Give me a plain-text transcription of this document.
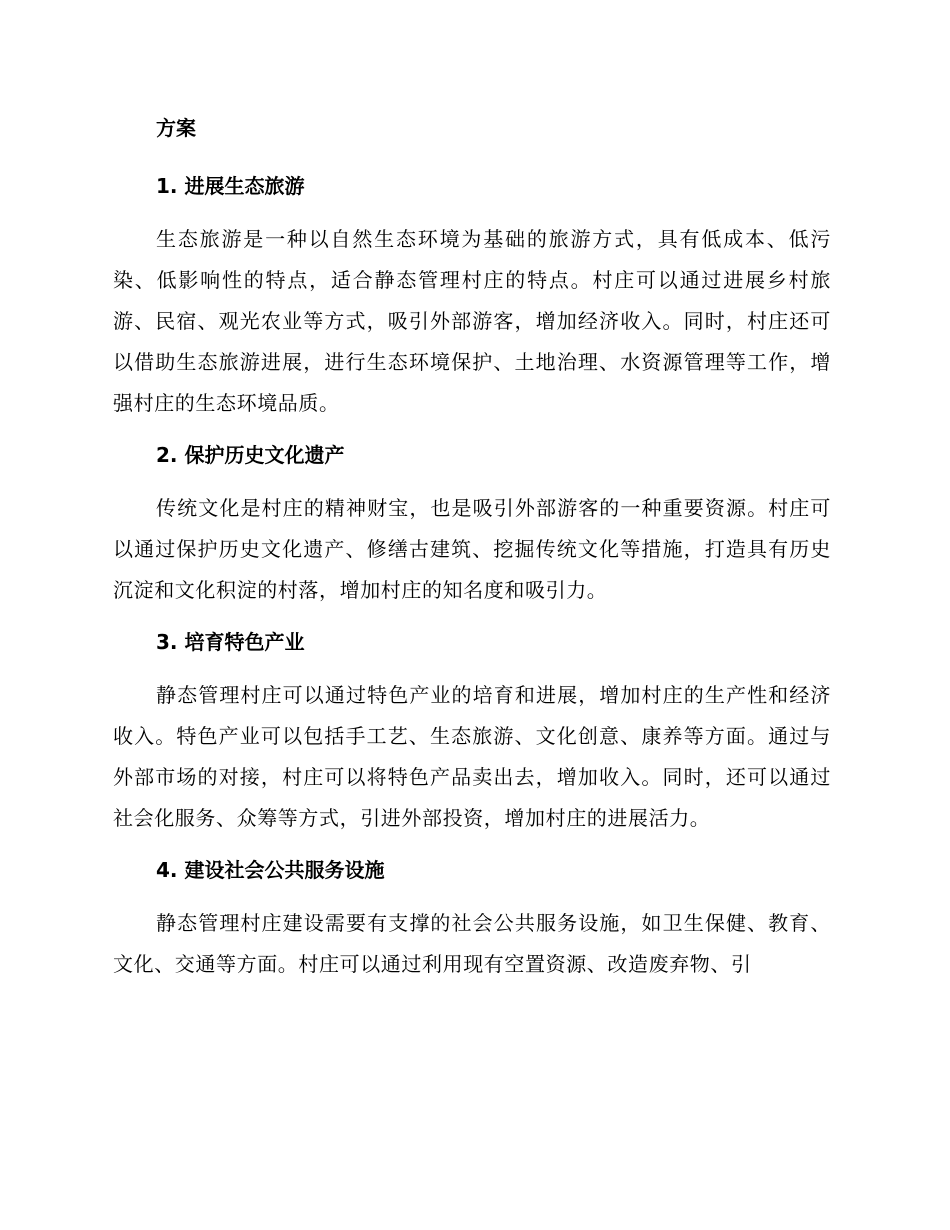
方案

1. 进展生态旅游

生态旅游是一种以自然生态环境为基础的旅游方式，具有低成本、低污染、低影响性的特点，适合静态管理村庄的特点。村庄可以通过进展乡村旅游、民宿、观光农业等方式，吸引外部游客，增加经济收入。同时，村庄还可以借助生态旅游进展，进行生态环境保护、土地治理、水资源管理等工作，增强村庄的生态环境品质。

2. 保护历史文化遗产

传统文化是村庄的精神财宝，也是吸引外部游客的一种重要资源。村庄可以通过保护历史文化遗产、修缮古建筑、挖掘传统文化等措施，打造具有历史沉淀和文化积淀的村落，增加村庄的知名度和吸引力。

3. 培育特色产业

静态管理村庄可以通过特色产业的培育和进展，增加村庄的生产性和经济收入。特色产业可以包括手工艺、生态旅游、文化创意、康养等方面。通过与外部市场的对接，村庄可以将特色产品卖出去，增加收入。同时，还可以通过社会化服务、众筹等方式，引进外部投资，增加村庄的进展活力。

4. 建设社会公共服务设施

静态管理村庄建设需要有支撑的社会公共服务设施，如卫生保健、教育、文化、交通等方面。村庄可以通过利用现有空置资源、改造废弃物、引
